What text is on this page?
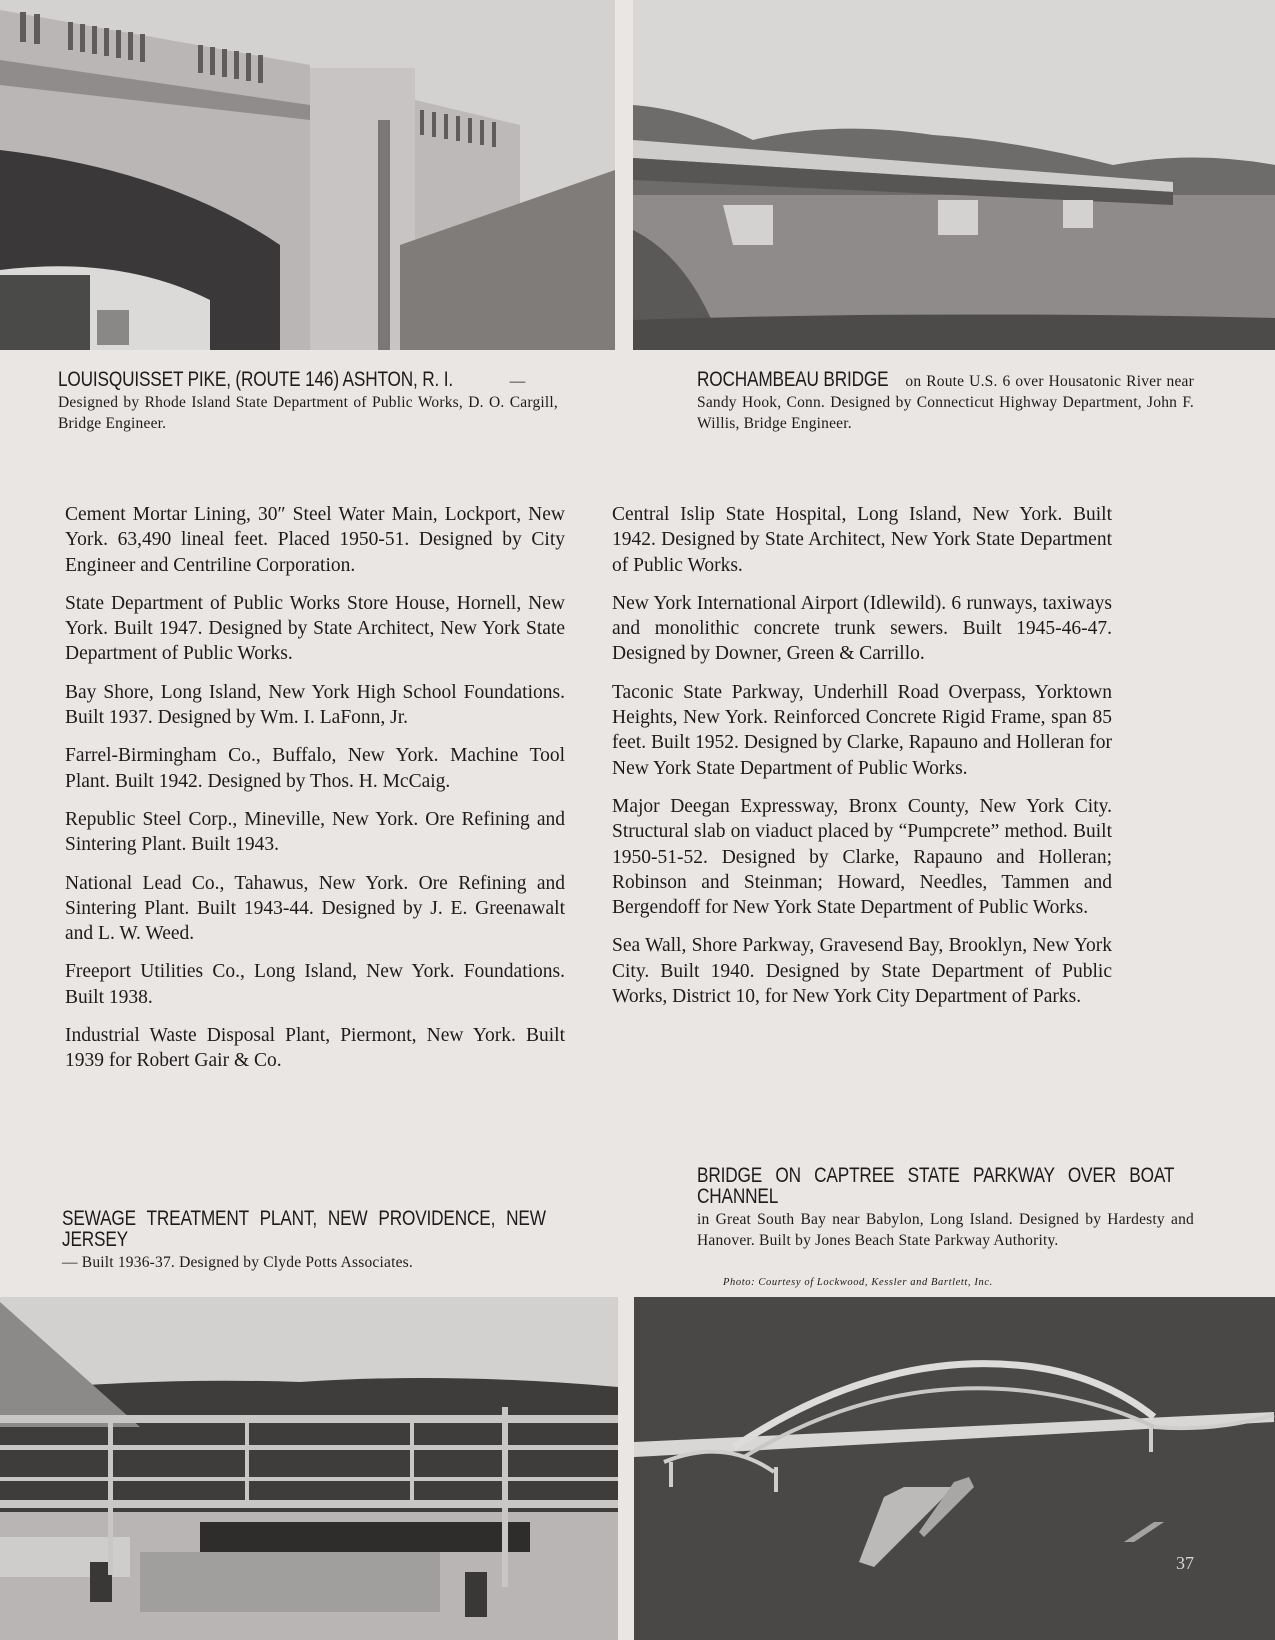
LOUISQUISSET PIKE, (ROUTE 146) ASHTON, R. I.	—Designed by Rhode Island State Department of Public Works, D. O. Cargill, Bridge Engineer.
ROCHAMBEAU BRIDGE on Route U.S. 6 over Housatonic River near Sandy Hook, Conn. Designed by Connecticut Highway Department, John F. Willis, Bridge Engineer.

Cement Mortar Lining, 30″ Steel Water Main, Lockport, New York. 63,490 lineal feet. Placed 1950-51. Designed by City Engineer and Centriline Corporation.

State Department of Public Works Store House, Hornell, New York. Built 1947. Designed by State Architect, New York State Department of Public Works.

Bay Shore, Long Island, New York High School Foundations. Built 1937. Designed by Wm. I. LaFonn, Jr.

Farrel-Birmingham Co., Buffalo, New York. Machine Tool Plant. Built 1942. Designed by Thos. H. McCaig.

Republic Steel Corp., Mineville, New York. Ore Refining and Sintering Plant. Built 1943.

National Lead Co., Tahawus, New York. Ore Refining and Sintering Plant. Built 1943-44. Designed by J. E. Greenawalt and L. W. Weed.

Freeport Utilities Co., Long Island, New York. Foundations. Built 1938.

Industrial Waste Disposal Plant, Piermont, New York. Built 1939 for Robert Gair & Co.

Central Islip State Hospital, Long Island, New York. Built 1942. Designed by State Architect, New York State Department of Public Works.

New York International Airport (Idlewild). 6 runways, taxiways and monolithic concrete trunk sewers. Built 1945-46-47. Designed by Downer, Green & Carrillo.

Taconic State Parkway, Underhill Road Overpass, Yorktown Heights, New York. Reinforced Concrete Rigid Frame, span 85 feet. Built 1952. Designed by Clarke, Rapauno and Holleran for New York State Department of Public Works.

Major Deegan Expressway, Bronx County, New York City. Structural slab on viaduct placed by “Pumpcrete” method. Built 1950-51-52. Designed by Clarke, Rapauno and Holleran; Robinson and Steinman; Howard, Needles, Tammen and Bergendoff for New York State Department of Public Works.

Sea Wall, Shore Parkway, Gravesend Bay, Brooklyn, New York City. Built 1940. Designed by State Department of Public Works, District 10, for New York City Department of Parks.

SEWAGE TREATMENT PLANT, NEW PROVIDENCE, NEW JERSEY— Built 1936-37. Designed by Clyde Potts Associates.
BRIDGE ON CAPTREE STATE PARKWAY OVER BOAT CHANNEL in Great South Bay near Babylon, Long Island. Designed by Hardesty and Hanover. Built by Jones Beach State Parkway Authority.
Photo: Courtesy of Lockwood, Kessler and Bartlett, Inc.
37
